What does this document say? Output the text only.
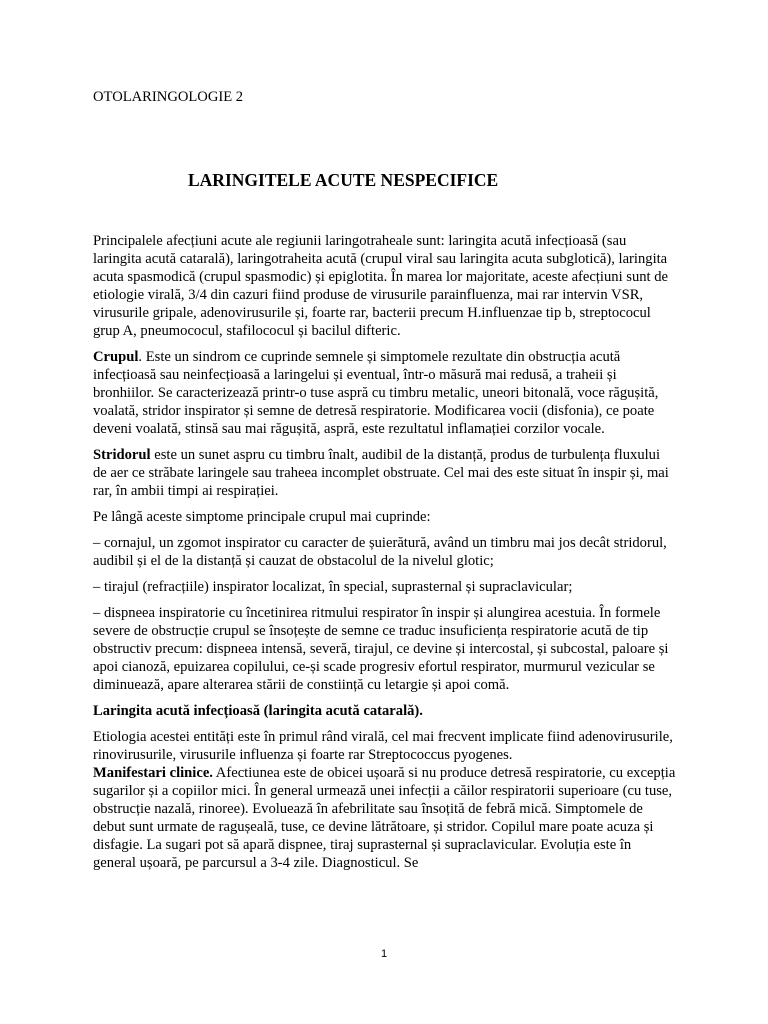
OTOLARINGOLOGIE 2
LARINGITELE ACUTE NESPECIFICE

Principalele afecțiuni acute ale regiunii laringotraheale sunt: laringita acută infecțioasă (sau laringita acută catarală), laringotraheita acută (crupul viral sau laringita acuta subglotică), laringita acuta spasmodică (crupul spasmodic) și epiglotita. În marea lor majoritate, aceste afecțiuni sunt de etiologie virală, 3/4 din cazuri fiind produse de virusurile parainfluenza, mai rar intervin VSR, virusurile gripale, adenovirusurile și, foarte rar, bacterii precum H.influenzae tip b, streptococul grup A, pneumococul, stafilococul și bacilul difteric.

Crupul. Este un sindrom ce cuprinde semnele și simptomele rezultate din obstrucția acută infecțioasă sau neinfecțioasă a laringelui și eventual, într-o măsură mai redusă, a traheii și bronhiilor. Se caracterizează printr-o tuse aspră cu timbru metalic, uneori bitonală, voce răgușită, voalată, stridor inspirator și semne de detresă respiratorie. Modificarea vocii (disfonia), ce poate deveni voalată, stinsă sau mai răgușită, aspră, este rezultatul inflamației corzilor vocale.

Stridorul este un sunet aspru cu timbru înalt, audibil de la distanță, produs de turbulența fluxului de aer ce străbate laringele sau traheea incomplet obstruate. Cel mai des este situat în inspir și, mai rar, în ambii timpi ai respirației.

Pe lângă aceste simptome principale crupul mai cuprinde:

– cornajul, un zgomot inspirator cu caracter de șuierătură, având un timbru mai jos decât stridorul, audibil și el de la distanță și cauzat de obstacolul de la nivelul glotic;

– tirajul (refracțiile) inspirator localizat, în special, suprasternal și supraclavicular;

– dispneea inspiratorie cu încetinirea ritmului respirator în inspir și alungirea acestuia. În formele severe de obstrucție crupul se însoțește de semne ce traduc insuficiența respiratorie acută de tip obstructiv precum: dispneea intensă, severă, tirajul, ce devine și intercostal, și subcostal, paloare și apoi cianoză, epuizarea copilului, ce-și scade progresiv efortul respirator, murmurul vezicular se diminuează, apare alterarea stării de constiință cu letargie și apoi comă.

Laringita acută infecțioasă (laringita acută catarală).

Etiologia acestei entități este în primul rând virală, cel mai frecvent implicate fiind adenovirusurile, rinovirusurile, virusurile influenza și foarte rar Streptococcus pyogenes.

Manifestari clinice. Afectiunea este de obicei ușoară si nu produce detresă respiratorie, cu excepția sugarilor și a copiilor mici. În general urmează unei infecții a căilor respiratorii superioare (cu tuse, obstrucție nazală, rinoree). Evoluează în afebrilitate sau însoțită de febră mică. Simptomele de debut sunt urmate de ragușeală, tuse, ce devine lătrătoare, și stridor. Copilul mare poate acuza și disfagie. La sugari pot să apară dispnee, tiraj suprasternal și supraclavicular. Evoluția este în general ușoară, pe parcursul a 3-4 zile. Diagnosticul. Se

1
